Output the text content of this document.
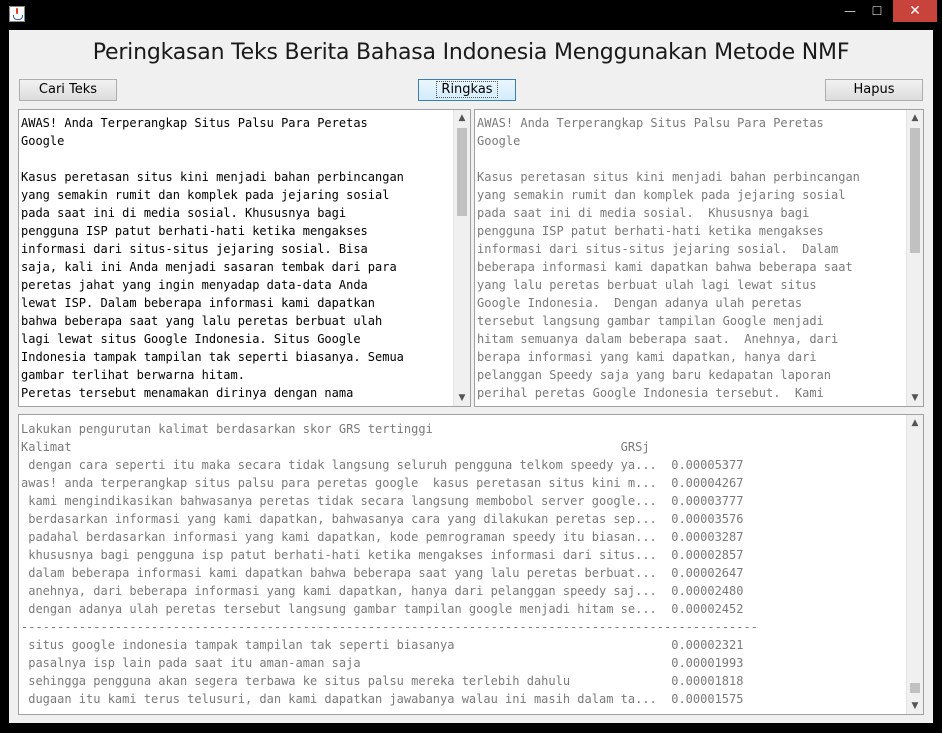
—	☐	✕
Peringkasan Teks Berita Bahasa Indonesia Menggunakan Metode NMF
Cari Teks	Ringkas	Hapus
AWAS! Anda Terperangkap Situs Palsu Para Peretas
Google

Kasus peretasan situs kini menjadi bahan perbincangan
yang semakin rumit dan komplek pada jejaring sosial
pada saat ini di media sosial. Khususnya bagi
pengguna ISP patut berhati-hati ketika mengakses
informasi dari situs-situs jejaring sosial. Bisa
saja, kali ini Anda menjadi sasaran tembak dari para
peretas jahat yang ingin menyadap data-data Anda
lewat ISP. Dalam beberapa informasi kami dapatkan
bahwa beberapa saat yang lalu peretas berbuat ulah
lagi lewat situs Google Indonesia. Situs Google
Indonesia tampak tampilan tak seperti biasanya. Semua
gambar terlihat berwarna hitam.
Peretas tersebut menamakan dirinya dengan nama
▲
▼
AWAS! Anda Terperangkap Situs Palsu Para Peretas
Google

Kasus peretasan situs kini menjadi bahan perbincangan
yang semakin rumit dan komplek pada jejaring sosial
pada saat ini di media sosial.  Khususnya bagi
pengguna ISP patut berhati-hati ketika mengakses
informasi dari situs-situs jejaring sosial.  Dalam
beberapa informasi kami dapatkan bahwa beberapa saat
yang lalu peretas berbuat ulah lagi lewat situs
Google Indonesia.  Dengan adanya ulah peretas
tersebut langsung gambar tampilan Google menjadi
hitam semuanya dalam beberapa saat.  Anehnya, dari
berapa informasi yang kami dapatkan, hanya dari
pelanggan Speedy saja yang baru kedapatan laporan
perihal peretas Google Indonesia tersebut.  Kami
▲
▼
Lakukan pengurutan kalimat berdasarkan skor GRS tertinggi
Kalimat                                                                            GRSj
dengan cara seperti itu maka secara tidak langsung seluruh pengguna telkom speedy ya...  0.00005377
awas! anda terperangkap situs palsu para peretas google  kasus peretasan situs kini m...  0.00004267
kami mengindikasikan bahwasanya peretas tidak secara langsung membobol server google...  0.00003777
berdasarkan informasi yang kami dapatkan, bahwasanya cara yang dilakukan peretas sep...  0.00003576
padahal berdasarkan informasi yang kami dapatkan, kode pemrograman speedy itu biasan...  0.00003287
khususnya bagi pengguna isp patut berhati-hati ketika mengakses informasi dari situs...  0.00002857
dalam beberapa informasi kami dapatkan bahwa beberapa saat yang lalu peretas berbuat...  0.00002647
anehnya, dari beberapa informasi yang kami dapatkan, hanya dari pelanggan speedy saj...  0.00002480
dengan adanya ulah peretas tersebut langsung gambar tampilan google menjadi hitam se...  0.00002452
------------------------------------------------------------------------------------------------------
situs google indonesia tampak tampilan tak seperti biasanya                              0.00002321
pasalnya isp lain pada saat itu aman-aman saja                                           0.00001993
sehingga pengguna akan segera terbawa ke situs palsu mereka terlebih dahulu              0.00001818
dugaan itu kami terus telusuri, dan kami dapatkan jawabanya walau ini masih dalam ta...  0.00001575
▲
▼
